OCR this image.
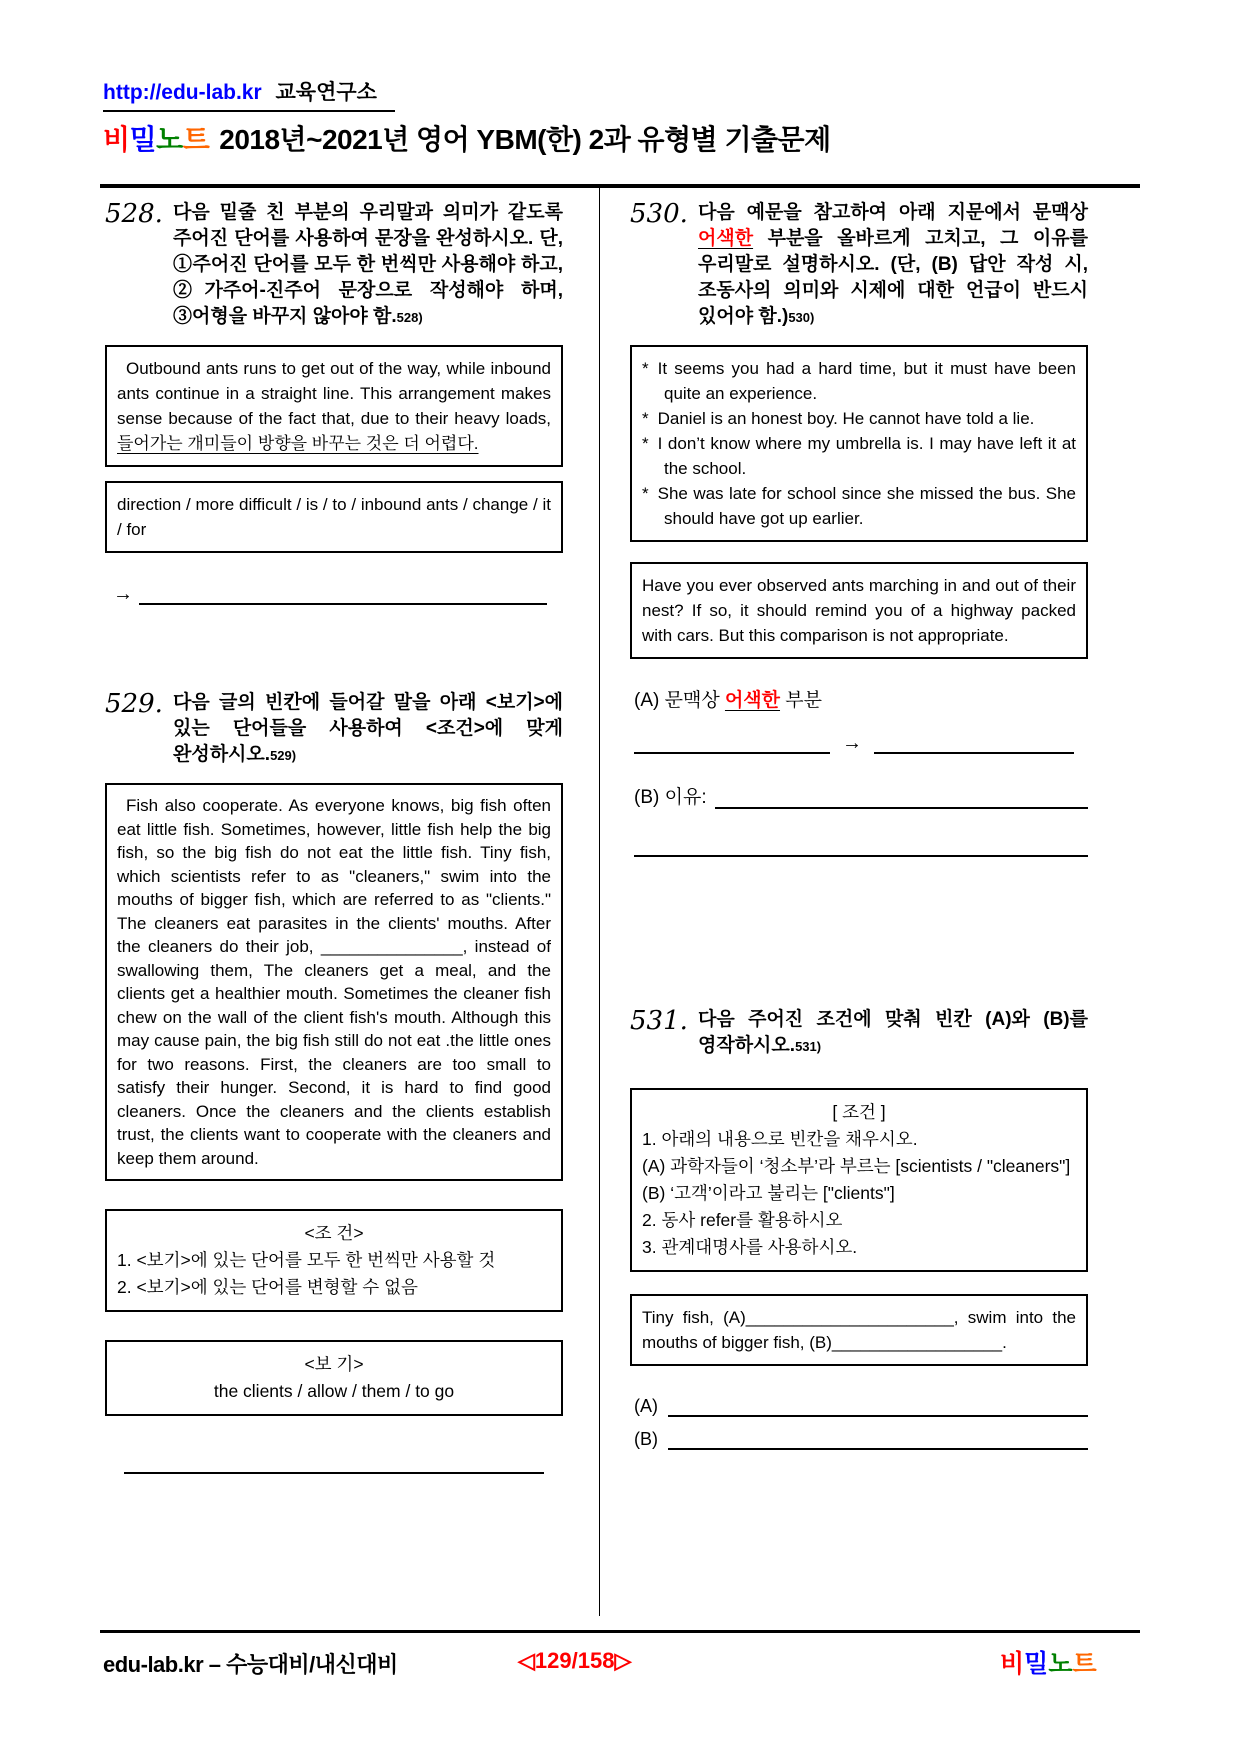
http://edu-lab.kr 교육연구소
비밀노트 2018년~2021년 영어 YBM(한) 2과 유형별 기출문제
528. 다음 밑줄 친 부분의 우리말과 의미가 같도록 주어진 단어를 사용하여 문장을 완성하시오. 단, ①주어진 단어를 모두 한 번씩만 사용해야 하고, ②가주어-진주어 문장으로 작성해야 하며, ③어형을 바꾸지 않아야 함.528)
Outbound ants runs to get out of the way, while inbound ants continue in a straight line. This arrangement makes sense because of the fact that, due to their heavy loads, 들어가는 개미들이 방향을 바꾸는 것은 더 어렵다.
direction / more difficult / is / to / inbound ants / change / it / for
→
529. 다음 글의 빈칸에 들어갈 말을 아래 <보기>에 있는 단어들을 사용하여 <조건>에 맞게 완성하시오.529)
Fish also cooperate. As everyone knows, big fish often eat little fish. Sometimes, however, little fish help the big fish, so the big fish do not eat the little fish. Tiny fish, which scientists refer to as "cleaners," swim into the mouths of bigger fish, which are referred to as "clients." The cleaners eat parasites in the clients' mouths. After the cleaners do their job, _______________, instead of swallowing them, The cleaners get a meal, and the clients get a healthier mouth. Sometimes the cleaner fish chew on the wall of the client fish's mouth. Although this may cause pain, the big fish still do not eat .the little ones for two reasons. First, the cleaners are too small to satisfy their hunger. Second, it is hard to find good cleaners. Once the cleaners and the clients establish trust, the clients want to cooperate with the cleaners and keep them around.
<조 건>
1. <보기>에 있는 단어를 모두 한 번씩만 사용할 것
2. <보기>에 있는 단어를 변형할 수 없음
<보 기>
the clients / allow / them / to go
530. 다음 예문을 참고하여 아래 지문에서 문맥상 어색한 부분을 올바르게 고치고, 그 이유를 우리말로 설명하시오. (단, (B) 답안 작성 시, 조동사의 의미와 시제에 대한 언급이 반드시 있어야 함.)530)
* It seems you had a hard time, but it must have been quite an experience.
* Daniel is an honest boy. He cannot have told a lie.
* I don’t know where my umbrella is. I may have left it at the school.
* She was late for school since she missed the bus. She should have got up earlier.
Have you ever observed ants marching in and out of their nest? If so, it should remind you of a highway packed with cars. But this comparison is not appropriate.
(A) 문맥상 어색한 부분
→
(B) 이유:
531. 다음 주어진 조건에 맞춰 빈칸 (A)와 (B)를 영작하시오.531)
[ 조건 ]
1. 아래의 내용으로 빈칸을 채우시오.
(A) 과학자들이 ‘청소부’라 부르는 [scientists / "cleaners"]
(B) ‘고객’이라고 불리는 ["clients"]
2. 동사 refer를 활용하시오
3. 관계대명사를 사용하시오.
Tiny fish, (A)______________________, swim into the mouths of bigger fish, (B)__________________.
(A)
(B)
edu-lab.kr – 수능대비/내신대비	◁129/158▷	비밀노트
